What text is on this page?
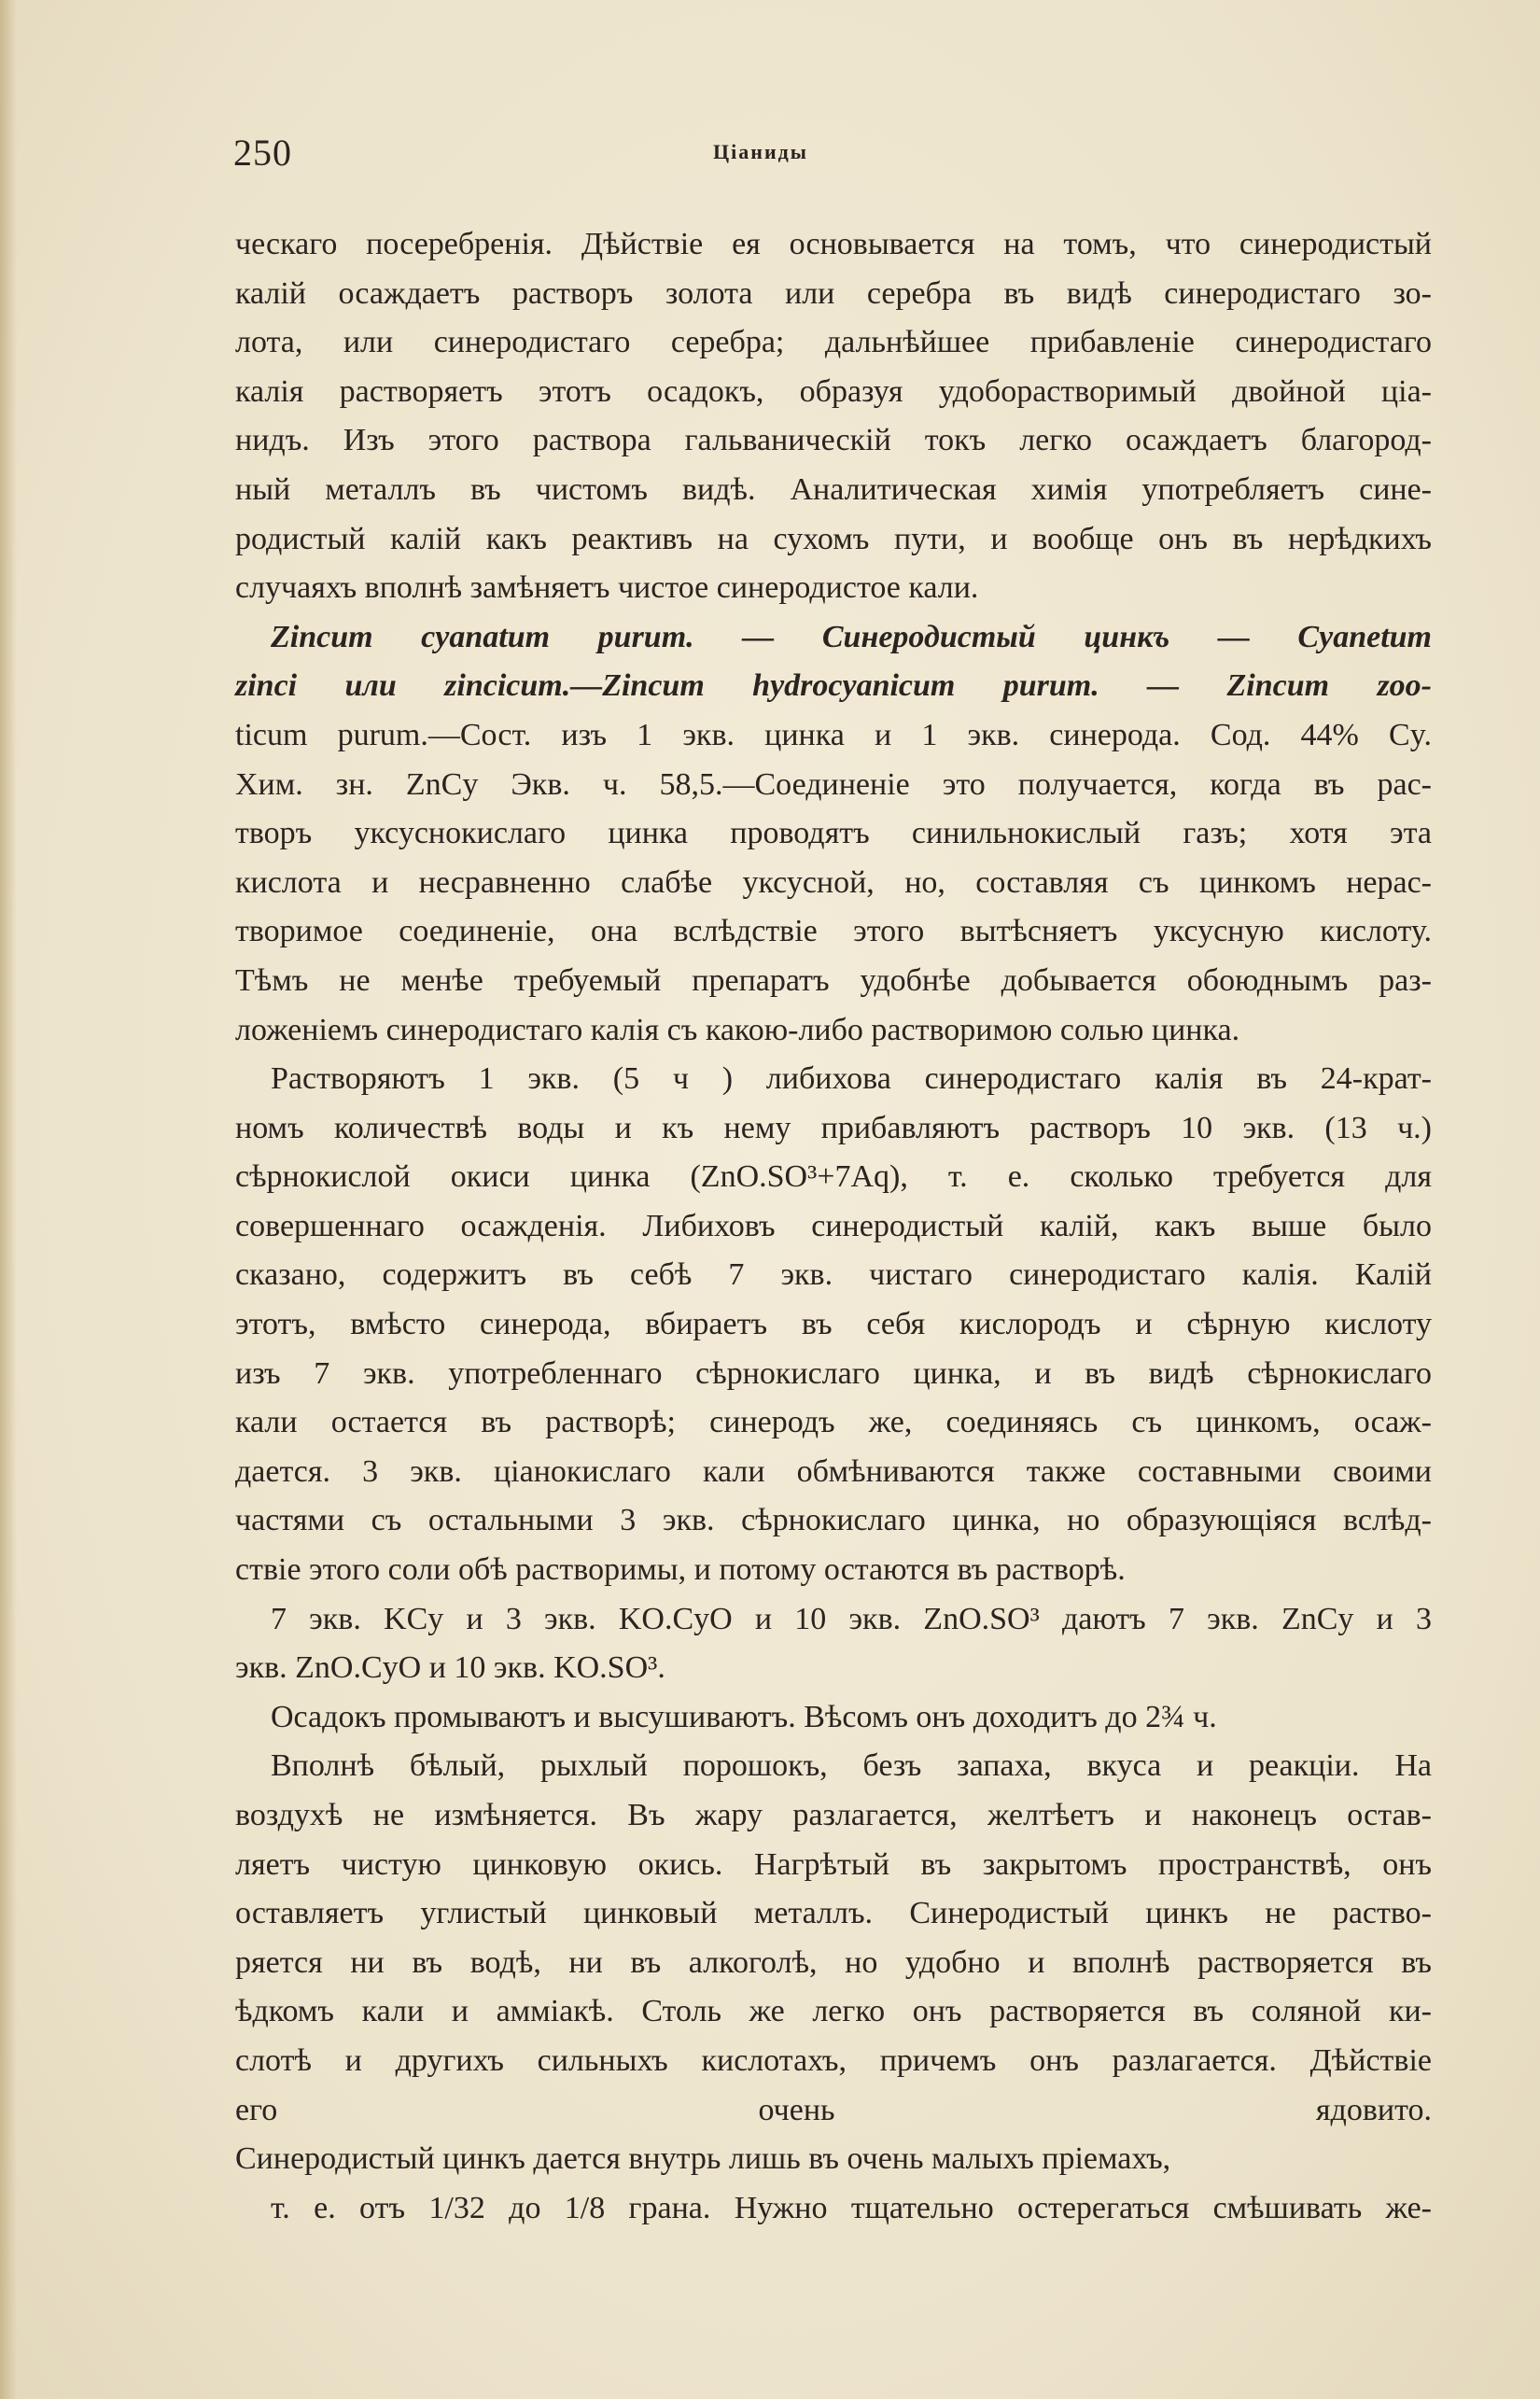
250	Ціаниды
ческаго посеребренія. Дѣйствіе ея основывается на томъ, что синеродистый
калій осаждаетъ растворъ золота или серебра въ видѣ синеродистаго зо-
лота, или синеродистаго серебра; дальнѣйшее прибавленіе синеродистаго
калія растворяетъ этотъ осадокъ, образуя удоборастворимый двойной ціа-
нидъ. Изъ этого раствора гальваническій токъ легко осаждаетъ благород-
ный металлъ въ чистомъ видѣ. Аналитическая химія употребляетъ сине-
родистый калій какъ реактивъ на сухомъ пути, и вообще онъ въ нерѣдкихъ
случаяхъ вполнѣ замѣняетъ чистое синеродистое кали.
Zincum cyanatum purum. — Синеродистый цинкъ — Cyanetum
zinci или zincicum.—Zincum hydrocyanicum purum. — Zincum zoo-
ticum purum.—Сост. изъ 1 экв. цинка и 1 экв. синерода. Сод. 44% Cy.
Хим. зн. ZnCy Экв. ч. 58,5.—Соединеніе это получается, когда въ рас-
творъ уксуснокислаго цинка проводятъ синильнокислый газъ; хотя эта
кислота и несравненно слабѣе уксусной, но, составляя съ цинкомъ нерас-
творимое соединеніе, она вслѣдствіе этого вытѣсняетъ уксусную кислоту.
Тѣмъ не менѣе требуемый препаратъ удобнѣе добывается обоюднымъ раз-
ложеніемъ синеродистаго калія съ какою-либо растворимою солью цинка.
Растворяютъ 1 экв. (5 ч ) либихова синеродистаго калія въ 24-крат-
номъ количествѣ воды и къ нему прибавляютъ растворъ 10 экв. (13 ч.)
сѣрнокислой окиси цинка (ZnO.SO³+7Aq), т. е. сколько требуется для
совершеннаго осажденія. Либиховъ синеродистый калій, какъ выше было
сказано, содержитъ въ себѣ 7 экв. чистаго синеродистаго калія. Калій
этотъ, вмѣсто синерода, вбираетъ въ себя кислородъ и сѣрную кислоту
изъ 7 экв. употребленнаго сѣрнокислаго цинка, и въ видѣ сѣрнокислаго
кали остается въ растворѣ; синеродъ же, соединяясь съ цинкомъ, осаж-
дается. 3 экв. ціанокислаго кали обмѣниваются также составными своими
частями съ остальными 3 экв. сѣрнокислаго цинка, но образующіяся вслѣд-
ствіе этого соли обѣ растворимы, и потому остаются въ растворѣ.
7 экв. KCy и 3 экв. KO.CyO и 10 экв. ZnO.SO³ даютъ 7 экв. ZnCy и 3
экв. ZnO.CyO и 10 экв. KO.SO³.
Осадокъ промываютъ и высушиваютъ. Вѣсомъ онъ доходитъ до 2¾ ч.
Вполнѣ бѣлый, рыхлый порошокъ, безъ запаха, вкуса и реакціи. На
воздухѣ не измѣняется. Въ жару разлагается, желтѣетъ и наконецъ остав-
ляетъ чистую цинковую окись. Нагрѣтый въ закрытомъ пространствѣ, онъ
оставляетъ углистый цинковый металлъ. Синеродистый цинкъ не раство-
ряется ни въ водѣ, ни въ алкоголѣ, но удобно и вполнѣ растворяется въ
ѣдкомъ кали и амміакѣ. Столь же легко онъ растворяется въ соляной ки-
слотѣ и другихъ сильныхъ кислотахъ, причемъ онъ разлагается. Дѣйствіе
его очень ядовито.
Синеродистый цинкъ дается внутрь лишь въ очень малыхъ пріемахъ,
т. е. отъ 1/32 до 1/8 грана. Нужно тщательно остерегаться смѣшивать же-
